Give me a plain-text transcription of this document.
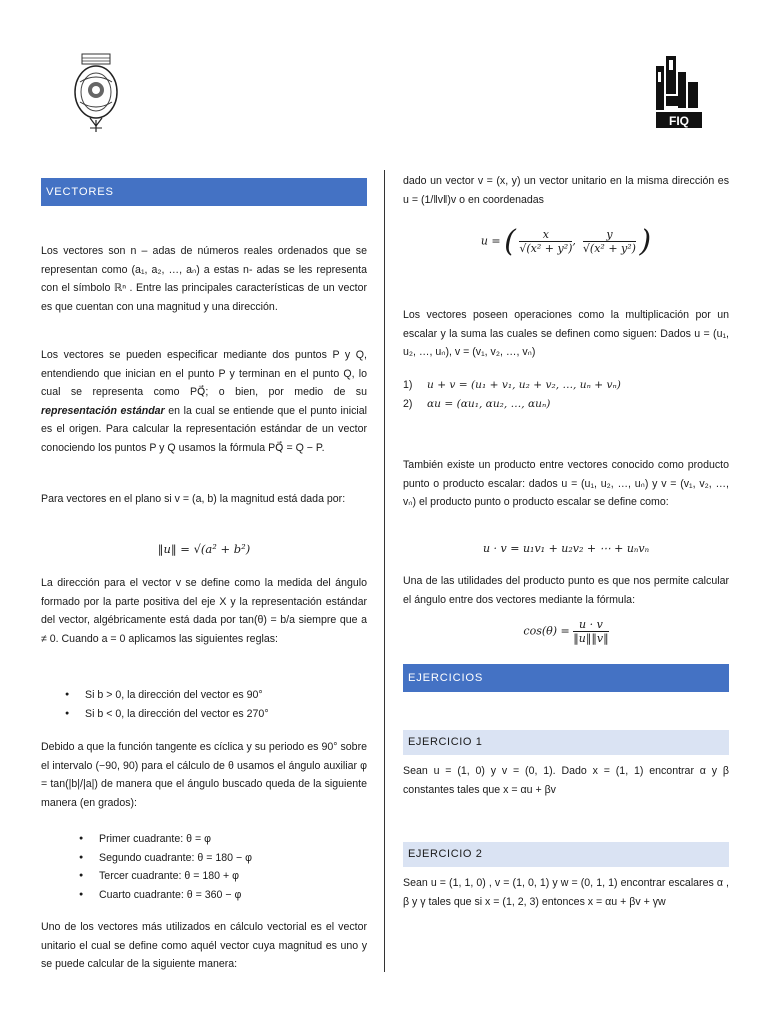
FIQ
VECTORES

Los vectores son n – adas de números reales ordenados que se representan como (a₁, a₂, …, aₙ) a estas n- adas se les representa con el símbolo ℝⁿ . Entre las principales características de un vector es que cuentan con una magnitud y una dirección.

Los vectores se pueden especificar mediante dos puntos P y Q, entendiendo que inician en el punto P y terminan en el punto Q, lo cual se representa como PQ⃗; o bien, por medio de su representación estándar en la cual se entiende que el punto inicial es el origen. Para calcular la representación estándar de un vector conociendo los puntos P y Q usamos la fórmula PQ⃗ = Q − P.

Para vectores en el plano si v = (a, b) la magnitud está dada por:

‖u‖ = √(a² + b²)

La dirección para el vector v se define como la medida del ángulo formado por la parte positiva del eje X y la representación estándar del vector, algébricamente está dada por tan(θ) = b/a siempre que a ≠ 0. Cuando a = 0 aplicamos las siguientes reglas:

● Si b > 0, la dirección del vector es 90°
● Si b < 0, la dirección del vector es 270°

Debido a que la función tangente es cíclica y su periodo es 90° sobre el intervalo (−90, 90) para el cálculo de θ usamos el ángulo auxiliar φ = tan(|b|/|a|) de manera que el ángulo buscado queda de la siguiente manera (en grados):

● Primer cuadrante: θ = φ
● Segundo cuadrante: θ = 180 − φ
● Tercer cuadrante: θ = 180 + φ
● Cuarto cuadrante: θ = 360 − φ

Uno de los vectores más utilizados en cálculo vectorial es el vector unitario el cual se define como aquél vector cuya magnitud es uno y se puede calcular de la siguiente manera:

dado un vector v = (x, y) un vector unitario en la misma dirección es u = (1/‖v‖)v o en coordenadas

u = ( $\frac{x}{\text{√(x² + y²)}}$ , $\frac{y}{\text{√(x² + y²)}}$ )

Los vectores poseen operaciones como la multiplicación por un escalar y la suma las cuales se definen como siguen: Dados u = (u₁, u₂, …, uₙ), v = (v₁, v₂, …, vₙ)

1) u + v = (u₁ + v₁, u₂ + v₂, …, uₙ + vₙ)
2) αu = (αu₁, αu₂, …, αuₙ)

También existe un producto entre vectores conocido como producto punto o producto escalar: dados u = (u₁, u₂, …, uₙ) y v = (v₁, v₂, …, vₙ) el producto punto o producto escalar se define como:

u · v = u₁v₁ + u₂v₂ + ⋯ + uₙvₙ

Una de las utilidades del producto punto es que nos permite calcular el ángulo entre dos vectores mediante la fórmula:

$\cos(\theta) = \frac{u \cdot v}{‖u‖‖v‖}$
EJERCICIOS
EJERCICIO 1

Sean u = (1, 0) y v = (0, 1). Dado x = (1, 1) encontrar α y β constantes tales que x = αu + βv

EJERCICIO 2

Sean u = (1, 1, 0) , v = (1, 0, 1) y w = (0, 1, 1) encontrar escalares α , β y γ tales que si x = (1, 2, 3) entonces x = αu + βv + γw
